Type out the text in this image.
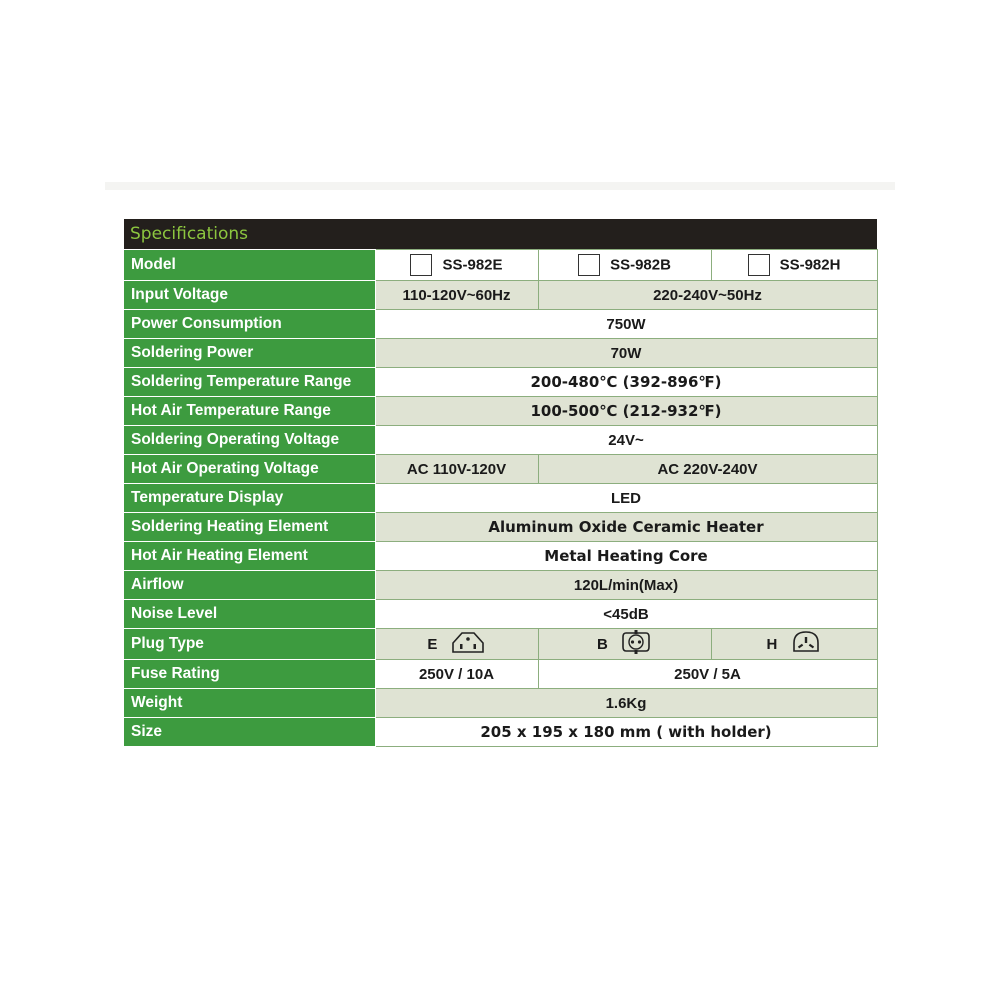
Specifications
Model	SS-982E	SS-982B	SS-982H
Input Voltage	110-120V~60Hz	220-240V~50Hz	
Power Consumption	750W		
Soldering Power	70W		
Soldering Temperature Range	200-480℃ (392-896℉)		
Hot Air Temperature Range	100-500℃ (212-932℉)		
Soldering Operating Voltage	24V~		
Hot Air Operating Voltage	AC 110V-120V	AC 220V-240V	
Temperature Display	LED		
Soldering Heating Element	Aluminum Oxide Ceramic Heater		
Hot Air Heating Element	Metal Heating Core		
Airflow	120L/min(Max)		
Noise Level	<45dB		
Plug Type	E	B	H
Fuse Rating	250V / 10A	250V / 5A	
Weight	1.6Kg		
Size	205 x 195 x 180 mm ( with holder)		
